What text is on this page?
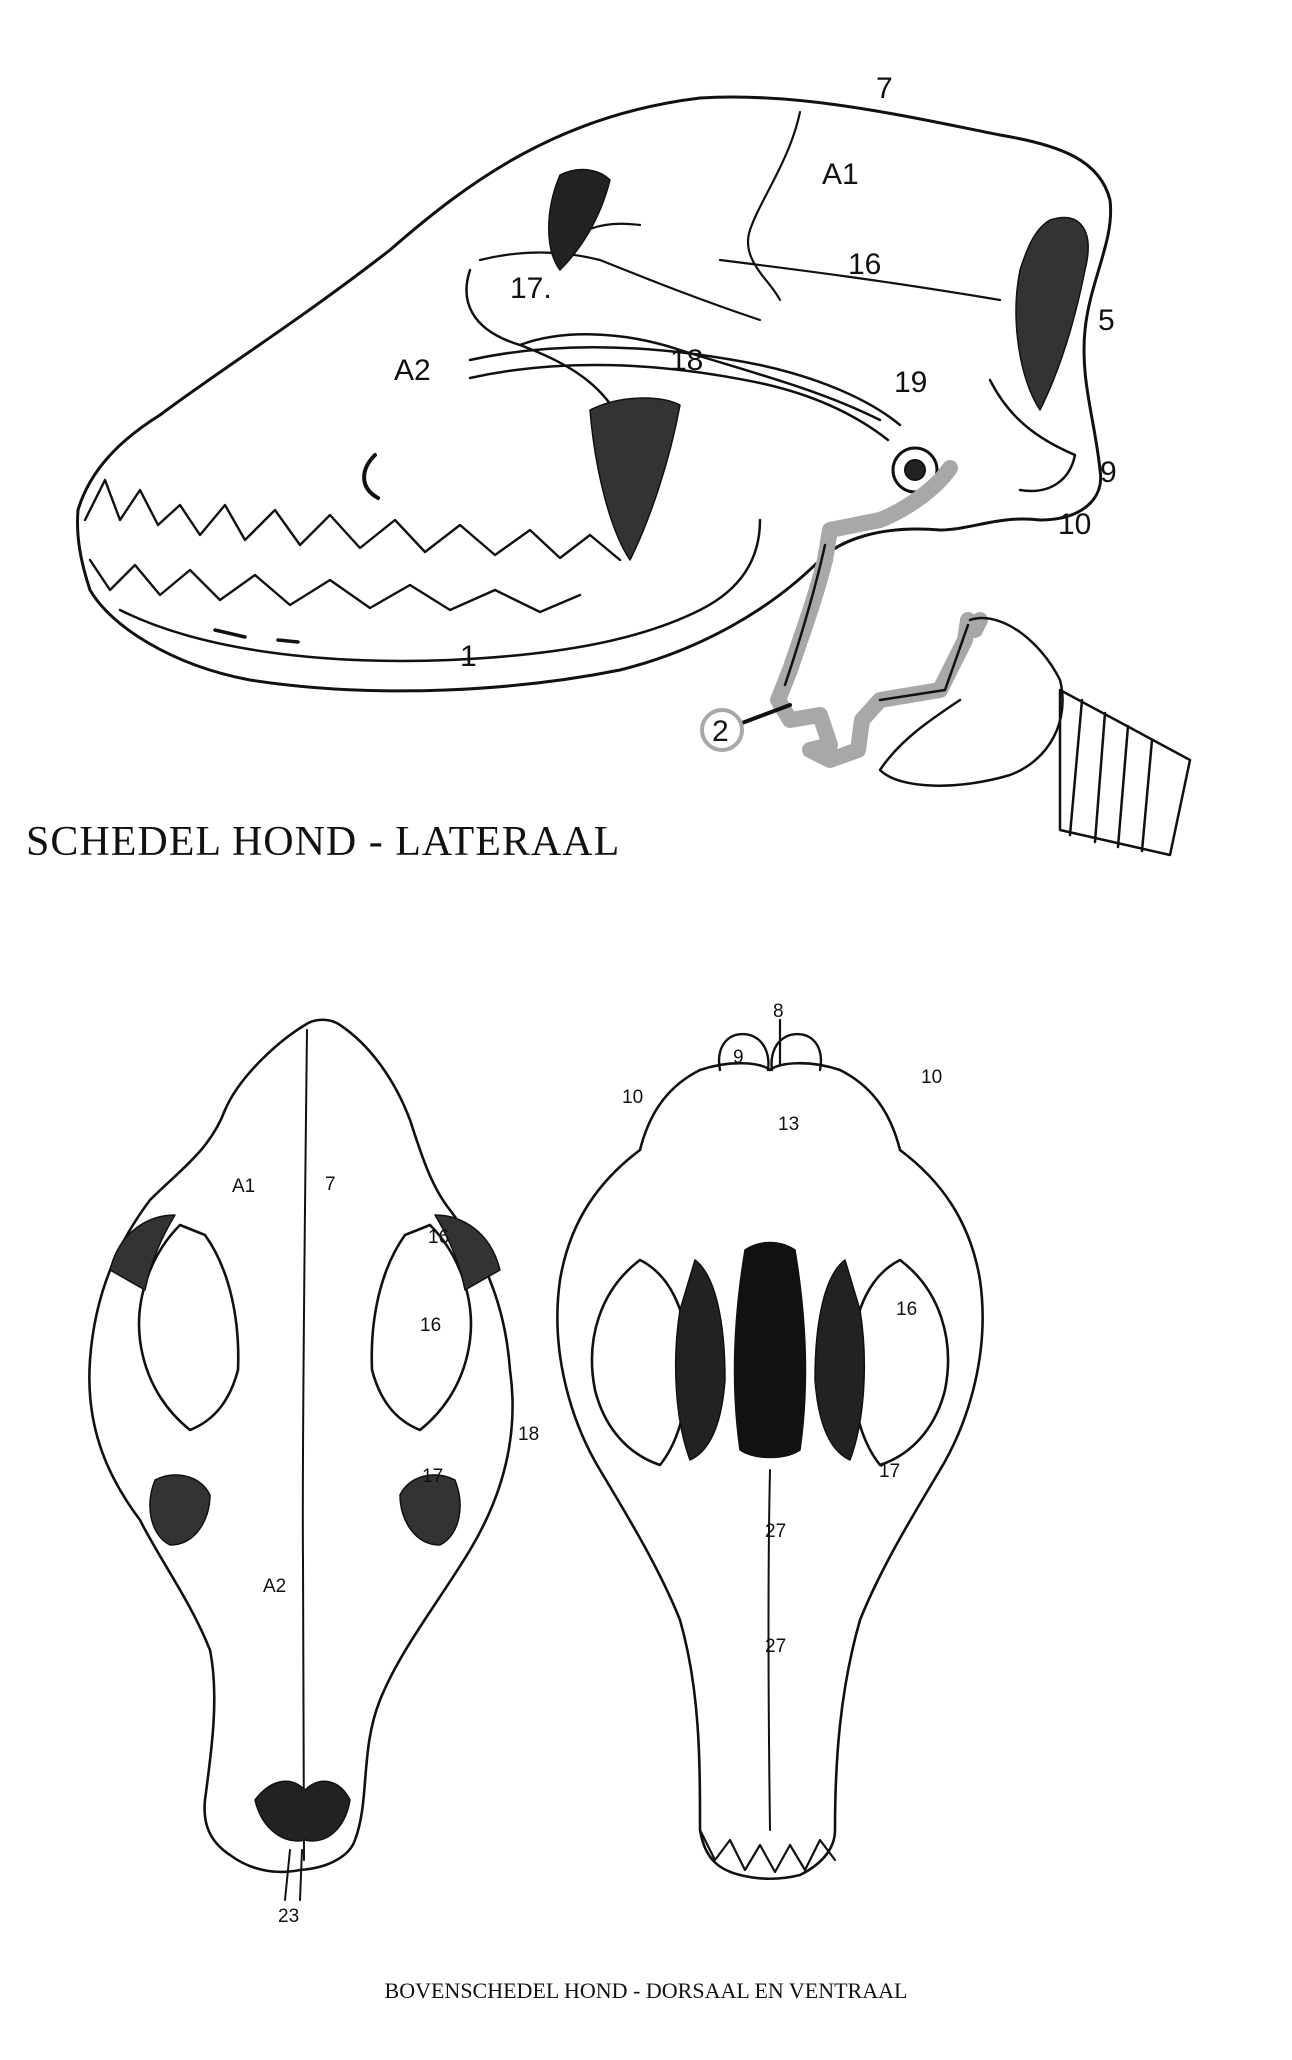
7
A1
16
5
17.
A2	18
19
9
10
1
2
A1	7
16
16
18
17
A2
23
8
9
10
10
13
16
17
27
27
SCHEDEL HOND - LATERAAL
BOVENSCHEDEL HOND - DORSAAL EN VENTRAAL
